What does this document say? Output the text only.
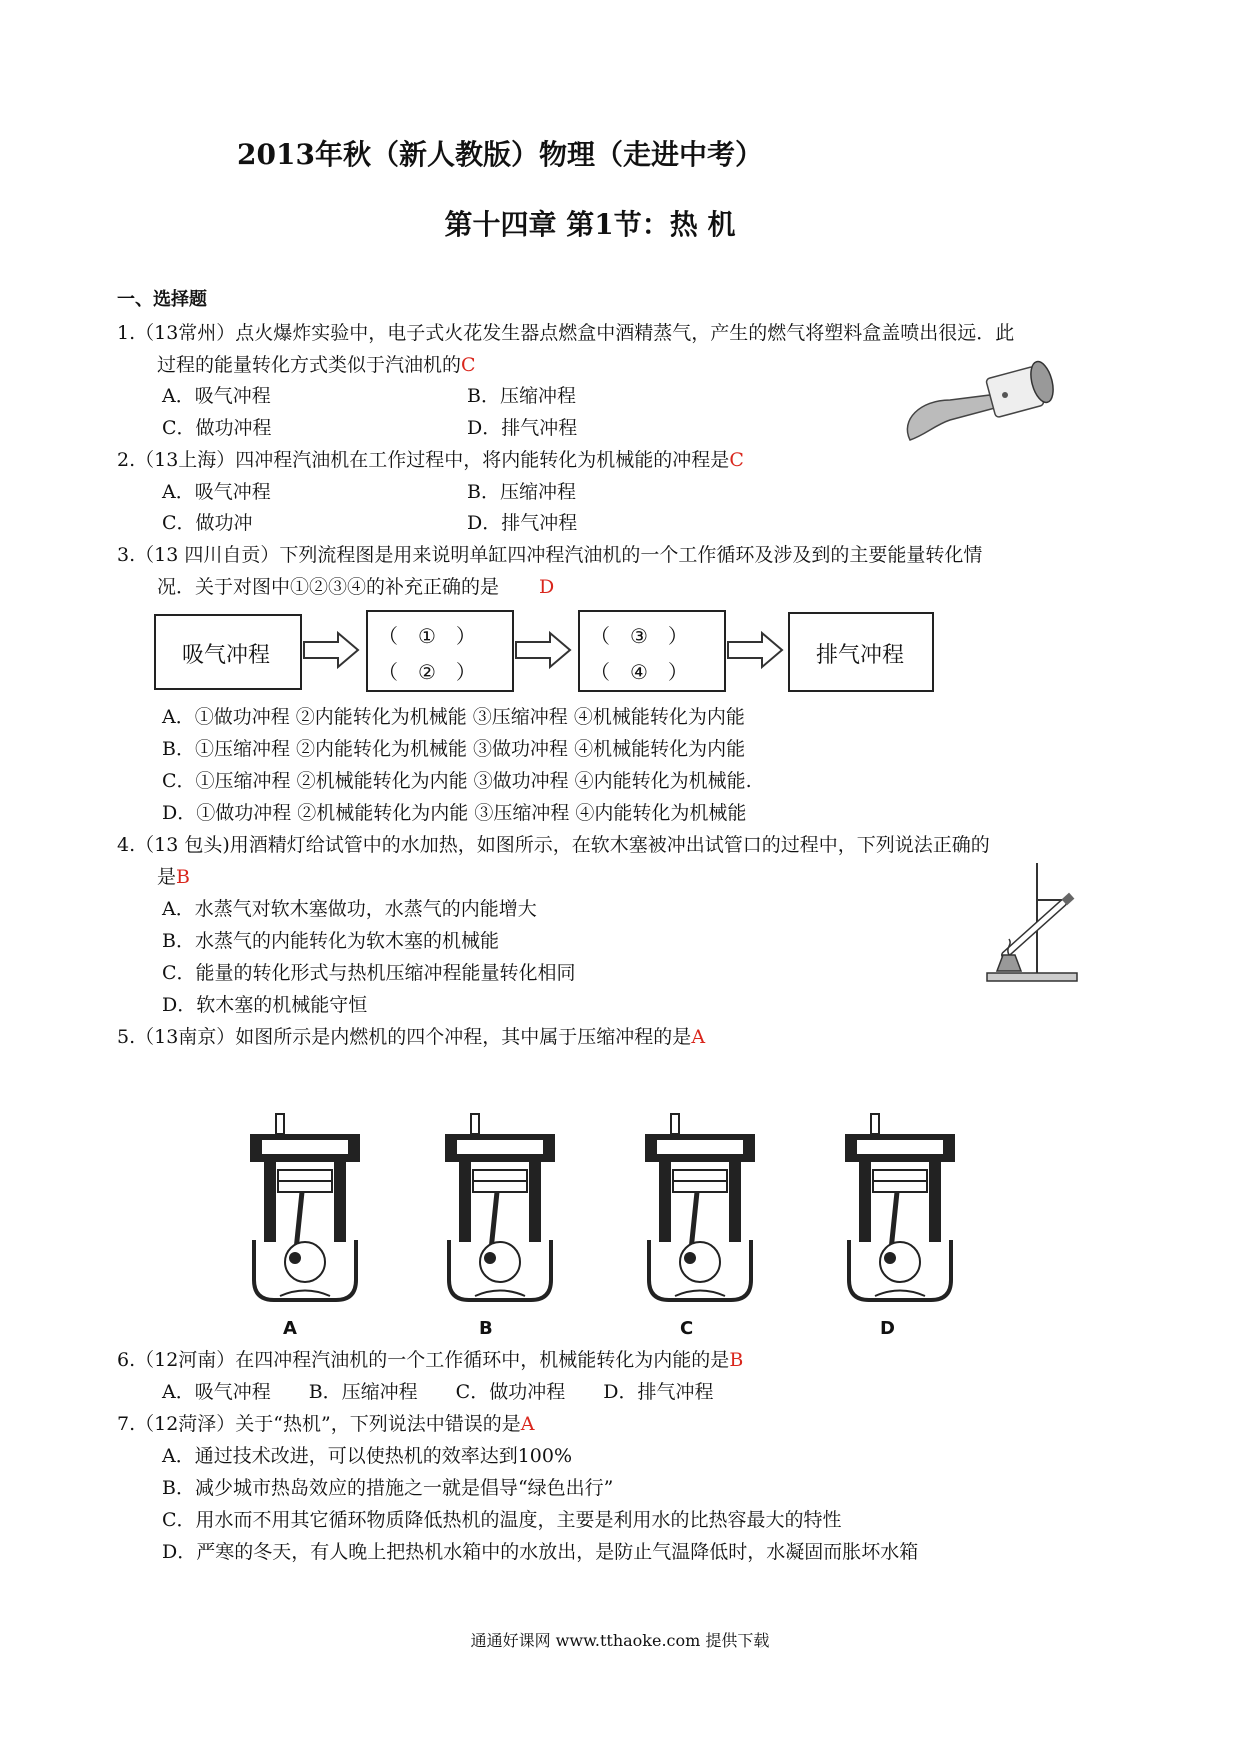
2013年秋（新人教版）物理（走进中考）
第十四章 第1节：热 机
一、选择题
1.（13常州）点火爆炸实验中，电子式火花发生器点燃盒中酒精蒸气，产生的燃气将塑料盒盖喷出很远．此
过程的能量转化方式类似于汽油机的C
A．吸气冲程	B．压缩冲程
C．做功冲程	D．排气冲程
2.（13上海）四冲程汽油机在工作过程中，将内能转化为机械能的冲程是C
A．吸气冲程	B．压缩冲程
C．做功冲	D．排气冲程
3.（13 四川自贡）下列流程图是用来说明单缸四冲程汽油机的一个工作循环及涉及到的主要能量转化情
况．关于对图中①②③④的补充正确的是 D
吸气冲程
（　①　）
（　②　）
（　③　）
（　④　）
排气冲程
A．①做功冲程 ②内能转化为机械能 ③压缩冲程 ④机械能转化为内能
B．①压缩冲程 ②内能转化为机械能 ③做功冲程 ④机械能转化为内能
C．①压缩冲程 ②机械能转化为内能 ③做功冲程 ④内能转化为机械能.
D．①做功冲程 ②机械能转化为内能 ③压缩冲程 ④内能转化为机械能
4.（13 包头)用酒精灯给试管中的水加热，如图所示，在软木塞被冲出试管口的过程中，下列说法正确的
是B
A．水蒸气对软木塞做功，水蒸气的内能增大
B．水蒸气的内能转化为软木塞的机械能
C．能量的转化形式与热机压缩冲程能量转化相同
D．软木塞的机械能守恒
5.（13南京）如图所示是内燃机的四个冲程，其中属于压缩冲程的是A
A	B	C	D
6.（12河南）在四冲程汽油机的一个工作循环中，机械能转化为内能的是B
A．吸气冲程　　B．压缩冲程　　C．做功冲程　　D．排气冲程
7.（12菏泽）关于“热机”，下列说法中错误的是A
A．通过技术改进，可以使热机的效率达到100%
B．减少城市热岛效应的措施之一就是倡导“绿色出行”
C．用水而不用其它循环物质降低热机的温度，主要是利用水的比热容最大的特性
D．严寒的冬天，有人晚上把热机水箱中的水放出，是防止气温降低时，水凝固而胀坏水箱
通通好课网 www.tthaoke.com 提供下载
